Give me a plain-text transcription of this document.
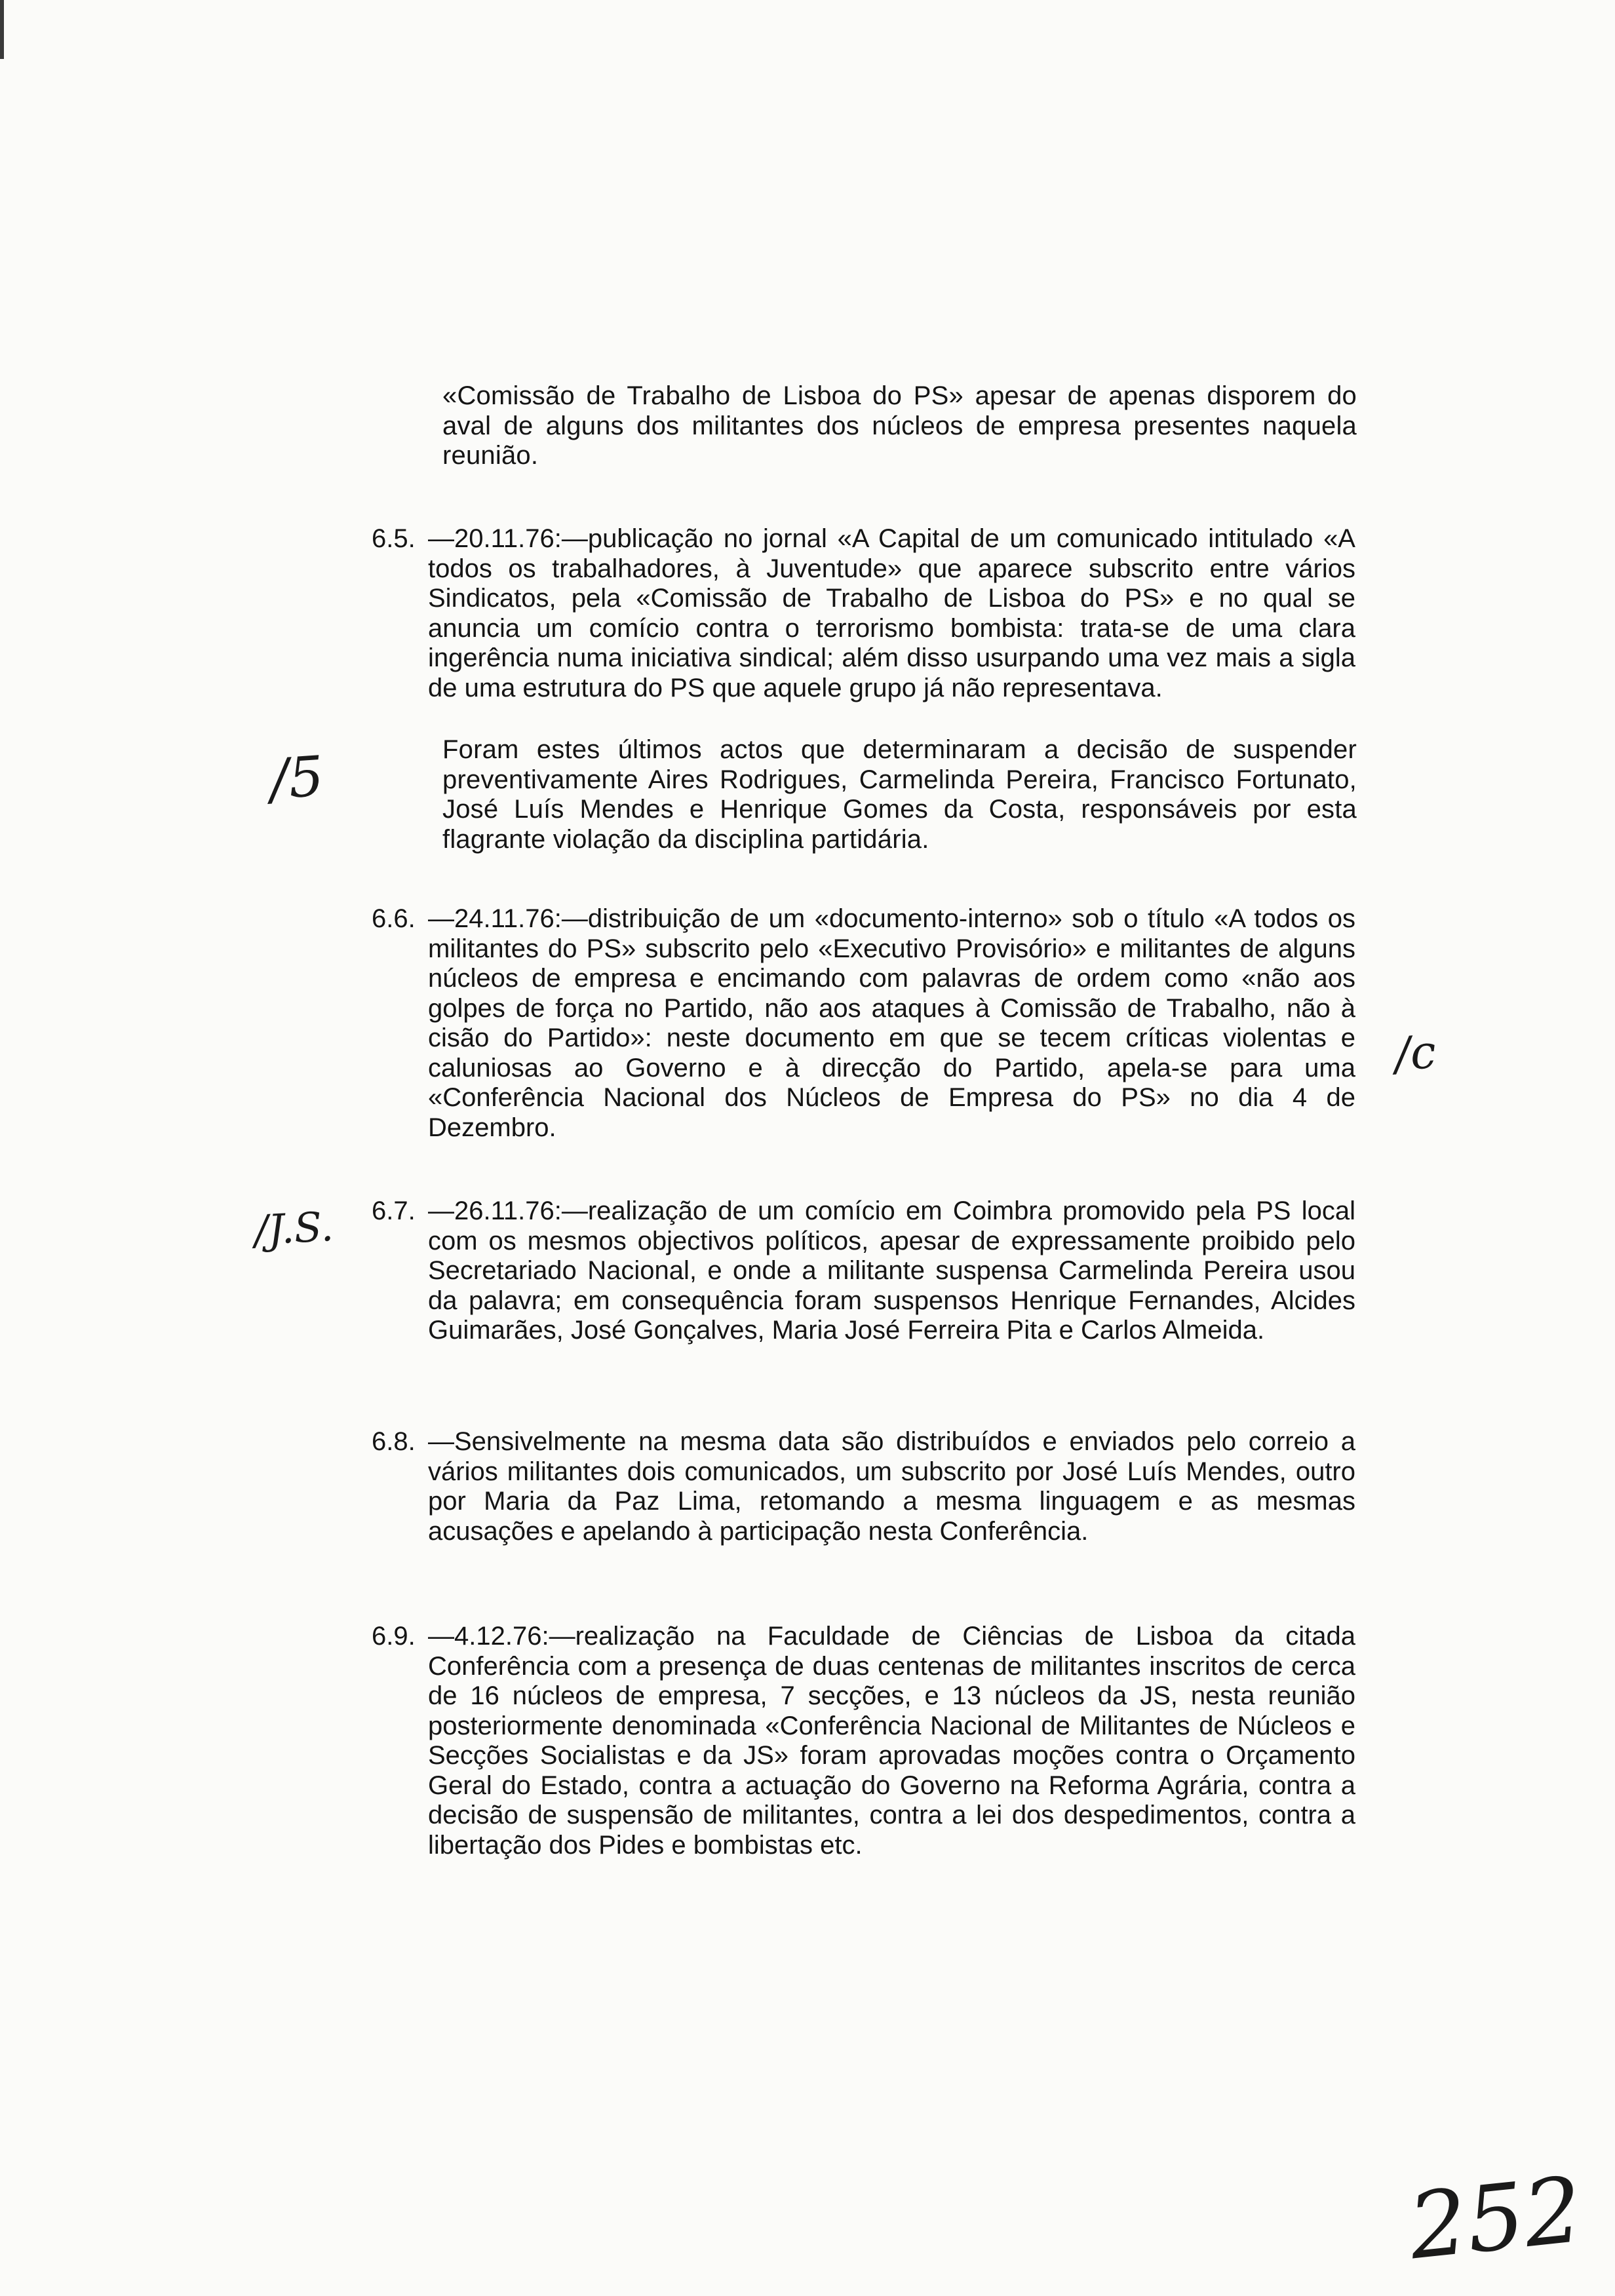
«Comissão de Trabalho de Lisboa do PS» apesar de apenas disporem do aval de alguns dos militantes dos núcleos de empresa presentes naquela reunião.
6.5. —20.11.76:—publicação no jornal «A Capital de um comunicado intitulado «A todos os trabalhadores, à Juventude» que aparece subscrito entre vários Sindicatos, pela «Comissão de Trabalho de Lisboa do PS» e no qual se anuncia um comício contra o terrorismo bombista: trata-se de uma clara ingerência numa iniciativa sindical; além disso usurpando uma vez mais a sigla de uma estrutura do PS que aquele grupo já não representava.
Foram estes últimos actos que determinaram a decisão de suspender preventivamente Aires Rodrigues, Carmelinda Pereira, Francisco Fortunato, José Luís Mendes e Henrique Gomes da Costa, responsáveis por esta flagrante violação da disciplina partidária.
6.6. —24.11.76:—distribuição de um «documento-interno» sob o título «A todos os militantes do PS» subscrito pelo «Executivo Provisório» e militantes de alguns núcleos de empresa e encimando com palavras de ordem como «não aos golpes de força no Partido, não aos ataques à Comissão de Trabalho, não à cisão do Partido»: neste documento em que se tecem críticas violentas e caluniosas ao Governo e à direcção do Partido, apela-se para uma «Conferência Nacional dos Núcleos de Empresa do PS» no dia 4 de Dezembro.
6.7. —26.11.76:—realização de um comício em Coimbra promovido pela PS local com os mesmos objectivos políticos, apesar de expressamente proibido pelo Secretariado Nacional, e onde a militante suspensa Carmelinda Pereira usou da palavra; em consequência foram suspensos Henrique Fernandes, Alcides Guimarães, José Gonçalves, Maria José Ferreira Pita e Carlos Almeida.
6.8. —Sensivelmente na mesma data são distribuídos e enviados pelo correio a vários militantes dois comunicados, um subscrito por José Luís Mendes, outro por Maria da Paz Lima, retomando a mesma linguagem e as mesmas acusações e apelando à participação nesta Conferência.
6.9. —4.12.76:—realização na Faculdade de Ciências de Lisboa da citada Conferência com a presença de duas centenas de militantes inscritos de cerca de 16 núcleos de empresa, 7 secções, e 13 núcleos da JS, nesta reunião posteriormente denominada «Conferência Nacional de Militantes de Núcleos e Secções Socialistas e da JS» foram aprovadas moções contra o Orçamento Geral do Estado, contra a actuação do Governo na Reforma Agrária, contra a decisão de suspensão de militantes, contra a lei dos despedimentos, contra a libertação dos Pides e bombistas etc.
/5
/J.S.
/c
252
